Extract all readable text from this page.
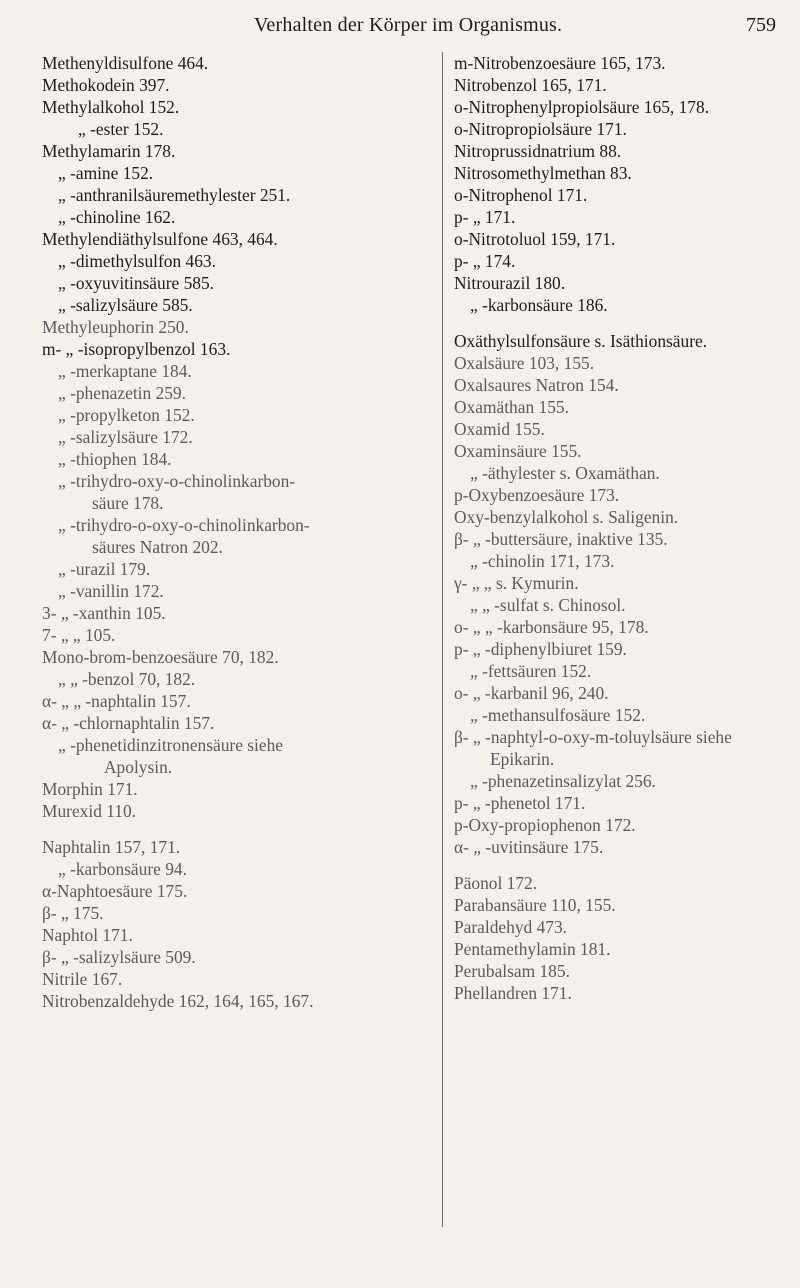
Verhalten der Körper im Organismus.	759
Methenyldisulfone 464.
Methokodein 397.
Methylalkohol 152.
„ -ester 152.
Methylamarin 178.
„ -amine 152.
„ -anthranilsäuremethylester 251.
„ -chinoline 162.
Methylendiäthylsulfone 463, 464.
„ -dimethylsulfon 463.
„ -oxyuvitinsäure 585.
„ -salizylsäure 585.
Methyleuphorin 250.
m- „ -isopropylbenzol 163.
„ -merkaptane 184.
„ -phenazetin 259.
„ -propylketon 152.
„ -salizylsäure 172.
„ -thiophen 184.
„ -trihydro-oxy-o-chinolinkarbon-
säure 178.
„ -trihydro-o-oxy-o-chinolinkarbon-
säures Natron 202.
„ -urazil 179.
„ -vanillin 172.
3- „ -xanthin 105.
7- „ „ 105.
Mono-brom-benzoesäure 70, 182.
„ „ -benzol 70, 182.
α- „ „ -naphtalin 157.
α- „ -chlornaphtalin 157.
„ -phenetidinzitronensäure siehe
Apolysin.
Morphin 171.
Murexid 110.
Naphtalin 157, 171.
„ -karbonsäure 94.
α-Naphtoesäure 175.
β- „ 175.
Naphtol 171.
β- „ -salizylsäure 509.
Nitrile 167.
Nitrobenzaldehyde 162, 164, 165, 167.
m-Nitrobenzoesäure 165, 173.
Nitrobenzol 165, 171.
o-Nitrophenylpropiolsäure 165, 178.
o-Nitropropiolsäure 171.
Nitroprussidnatrium 88.
Nitrosomethylmethan 83.
o-Nitrophenol 171.
p- „ 171.
o-Nitrotoluol 159, 171.
p- „ 174.
Nitrourazil 180.
„ -karbonsäure 186.
Oxäthylsulfonsäure s. Isäthionsäure.
Oxalsäure 103, 155.
Oxalsaures Natron 154.
Oxamäthan 155.
Oxamid 155.
Oxaminsäure 155.
„ -äthylester s. Oxamäthan.
p-Oxybenzoesäure 173.
Oxy-benzylalkohol s. Saligenin.
β- „ -buttersäure, inaktive 135.
„ -chinolin 171, 173.
γ- „ „ s. Kymurin.
„ „ -sulfat s. Chinosol.
o- „ „ -karbonsäure 95, 178.
p- „ -diphenylbiuret 159.
„ -fettsäuren 152.
o- „ -karbanil 96, 240.
„ -methansulfosäure 152.
β- „ -naphtyl-o-oxy-m-toluylsäure siehe
Epikarin.
„ -phenazetinsalizylat 256.
p- „ -phenetol 171.
p-Oxy-propiophenon 172.
α- „ -uvitinsäure 175.
Päonol 172.
Parabansäure 110, 155.
Paraldehyd 473.
Pentamethylamin 181.
Perubalsam 185.
Phellandren 171.
